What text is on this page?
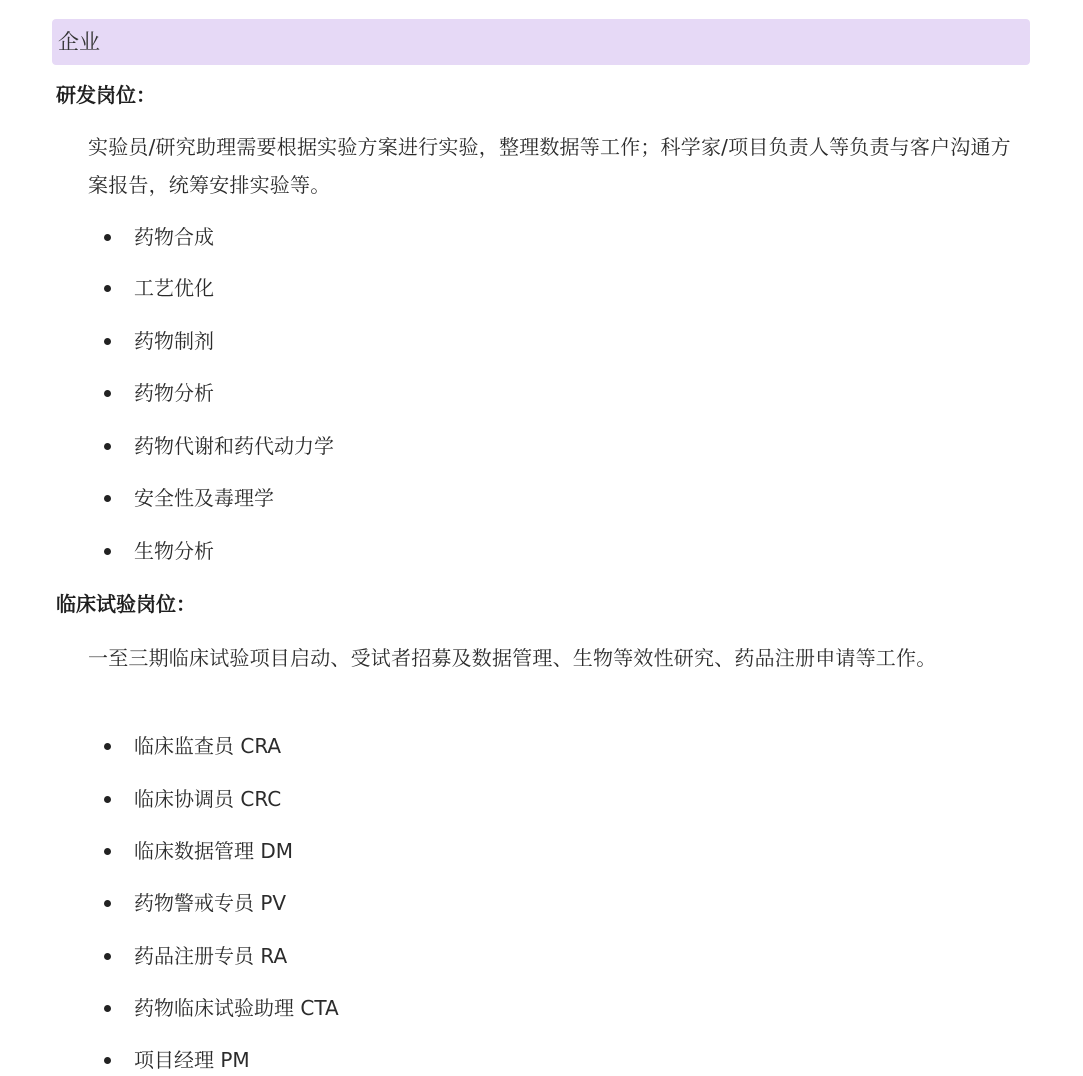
企业
研发岗位：
实验员/研究助理需要根据实验方案进行实验，整理数据等工作；科学家/项目负责人等负责与客户沟通方案报告，统筹安排实验等。
药物合成
工艺优化
药物制剂
药物分析
药物代谢和药代动力学
安全性及毒理学
生物分析
临床试验岗位：
一至三期临床试验项目启动、受试者招募及数据管理、生物等效性研究、药品注册申请等工作。
临床监查员 CRA
临床协调员 CRC
临床数据管理 DM
药物警戒专员 PV
药品注册专员 RA
药物临床试验助理 CTA
项目经理 PM
